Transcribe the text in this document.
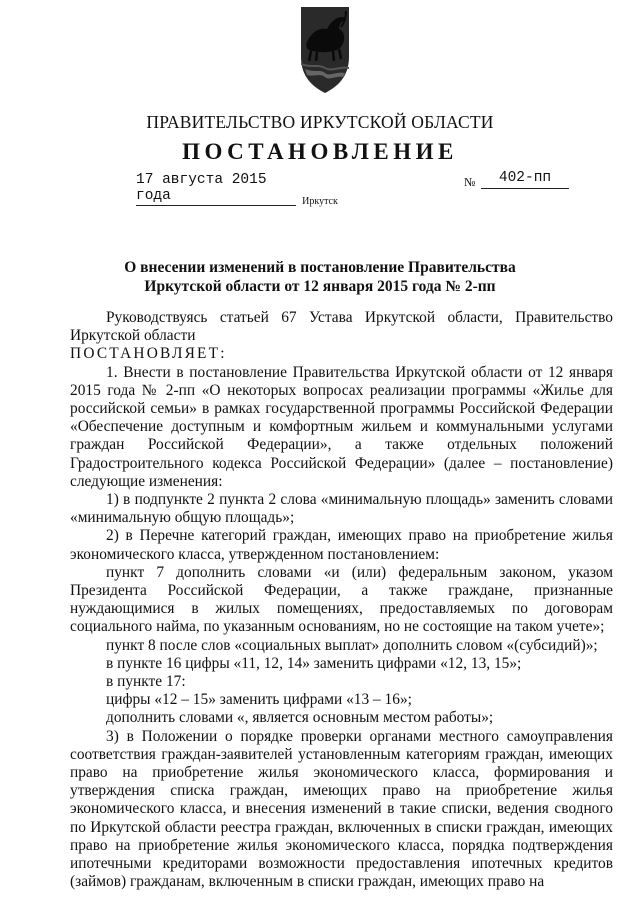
ПРАВИТЕЛЬСТВО ИРКУТСКОЙ ОБЛАСТИ
ПОСТАНОВЛЕНИЕ
17 августа 2015 года
№	402-пп
Иркутск
О внесении изменений в постановление Правительства
Иркутской области от 12 января 2015 года № 2-пп

Руководствуясь статьей 67 Устава Иркутской области, Правительство Иркутской области

ПОСТАНОВЛЯЕТ:

1. Внести в постановление Правительства Иркутской области от 12 января 2015 года № 2-пп «О некоторых вопросах реализации программы «Жилье для российской семьи» в рамках государственной программы Российской Федерации «Обеспечение доступным и комфортным жильем и коммунальными услугами граждан Российской Федерации», а также отдельных положений Градостроительного кодекса Российской Федерации» (далее – постановление) следующие изменения:

1) в подпункте 2 пункта 2 слова «минимальную площадь» заменить словами «минимальную общую площадь»;

2) в Перечне категорий граждан, имеющих право на приобретение жилья экономического класса, утвержденном постановлением:

пункт 7 дополнить словами «и (или) федеральным законом, указом Президента Российской Федерации, а также граждане, признанные нуждающимися в жилых помещениях, предоставляемых по договорам социального найма, по указанным основаниям, но не состоящие на таком учете»;

пункт 8 после слов «социальных выплат» дополнить словом «(субсидий)»;

в пункте 16 цифры «11, 12, 14» заменить цифрами «12, 13, 15»;

в пункте 17:

цифры «12 – 15» заменить цифрами «13 – 16»;

дополнить словами «, является основным местом работы»;

3) в Положении о порядке проверки органами местного самоуправления соответствия граждан-заявителей установленным категориям граждан, имеющих право на приобретение жилья экономического класса, формирования и утверждения списка граждан, имеющих право на приобретение жилья экономического класса, и внесения изменений в такие списки, ведения сводного по Иркутской области реестра граждан, включенных в списки граждан, имеющих право на приобретение жилья экономического класса, порядка подтверждения ипотечными кредиторами возможности предоставления ипотечных кредитов (займов) гражданам, включенным в списки граждан, имеющих право на
